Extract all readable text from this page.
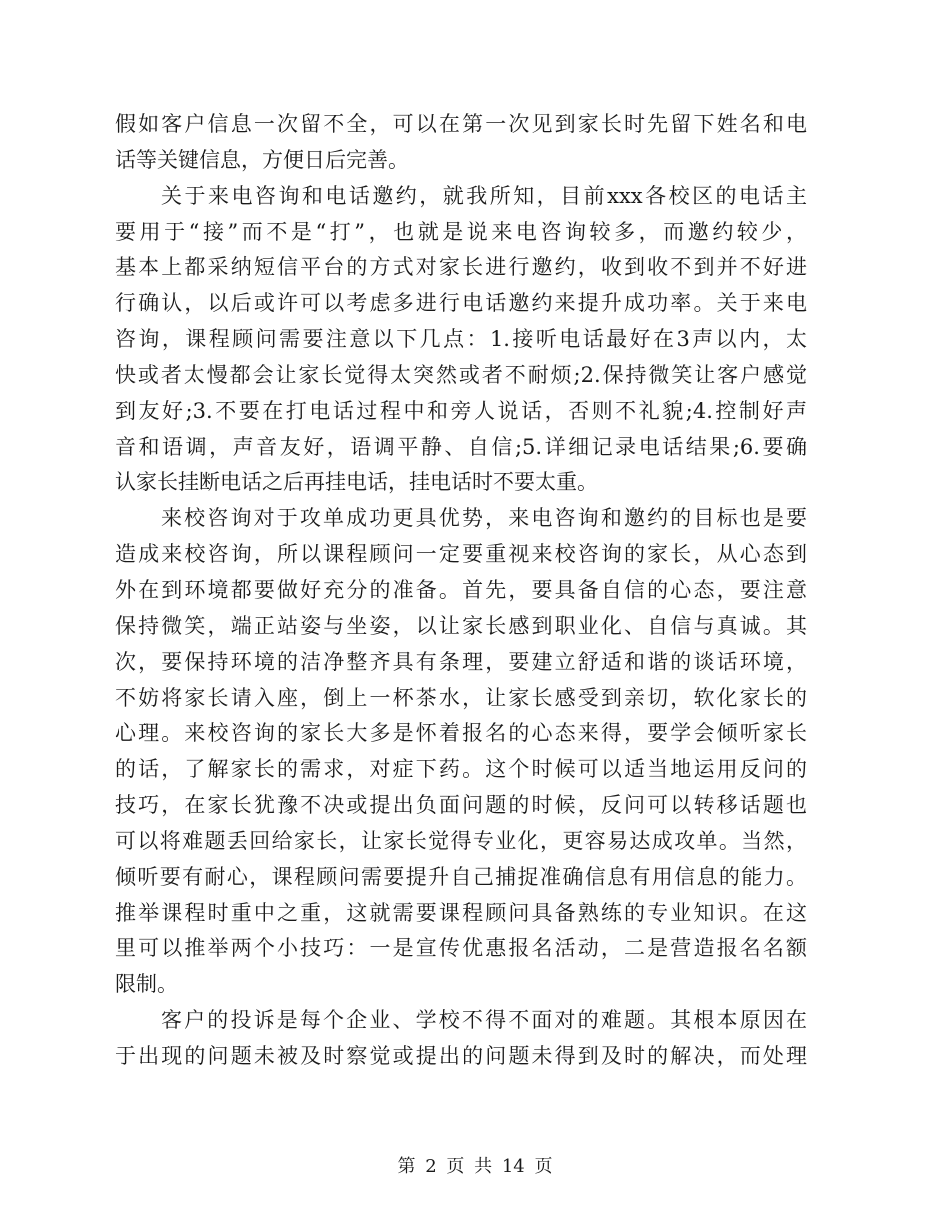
假如客户信息一次留不全，可以在第一次见到家长时先留下姓名和电
话等关键信息，方便日后完善。
关于来电咨询和电话邀约，就我所知，目前xxx各校区的电话主
要用于“接”而不是“打”，也就是说来电咨询较多，而邀约较少，
基本上都采纳短信平台的方式对家长进行邀约，收到收不到并不好进
行确认，以后或许可以考虑多进行电话邀约来提升成功率。关于来电
咨询，课程顾问需要注意以下几点：1.接听电话最好在3声以内，太
快或者太慢都会让家长觉得太突然或者不耐烦;2.保持微笑让客户感觉
到友好;3.不要在打电话过程中和旁人说话，否则不礼貌;4.控制好声
音和语调，声音友好，语调平静、自信;5.详细记录电话结果;6.要确
认家长挂断电话之后再挂电话，挂电话时不要太重。
来校咨询对于攻单成功更具优势，来电咨询和邀约的目标也是要
造成来校咨询，所以课程顾问一定要重视来校咨询的家长，从心态到
外在到环境都要做好充分的准备。首先，要具备自信的心态，要注意
保持微笑，端正站姿与坐姿，以让家长感到职业化、自信与真诚。其
次，要保持环境的洁净整齐具有条理，要建立舒适和谐的谈话环境，
不妨将家长请入座，倒上一杯茶水，让家长感受到亲切，软化家长的
心理。来校咨询的家长大多是怀着报名的心态来得，要学会倾听家长
的话，了解家长的需求，对症下药。这个时候可以适当地运用反问的
技巧，在家长犹豫不决或提出负面问题的时候，反问可以转移话题也
可以将难题丢回给家长，让家长觉得专业化，更容易达成攻单。当然，
倾听要有耐心，课程顾问需要提升自己捕捉准确信息有用信息的能力。
推举课程时重中之重，这就需要课程顾问具备熟练的专业知识。在这
里可以推举两个小技巧：一是宣传优惠报名活动，二是营造报名名额
限制。
客户的投诉是每个企业、学校不得不面对的难题。其根本原因在
于出现的问题未被及时察觉或提出的问题未得到及时的解决，而处理
第 2 页 共 14 页
